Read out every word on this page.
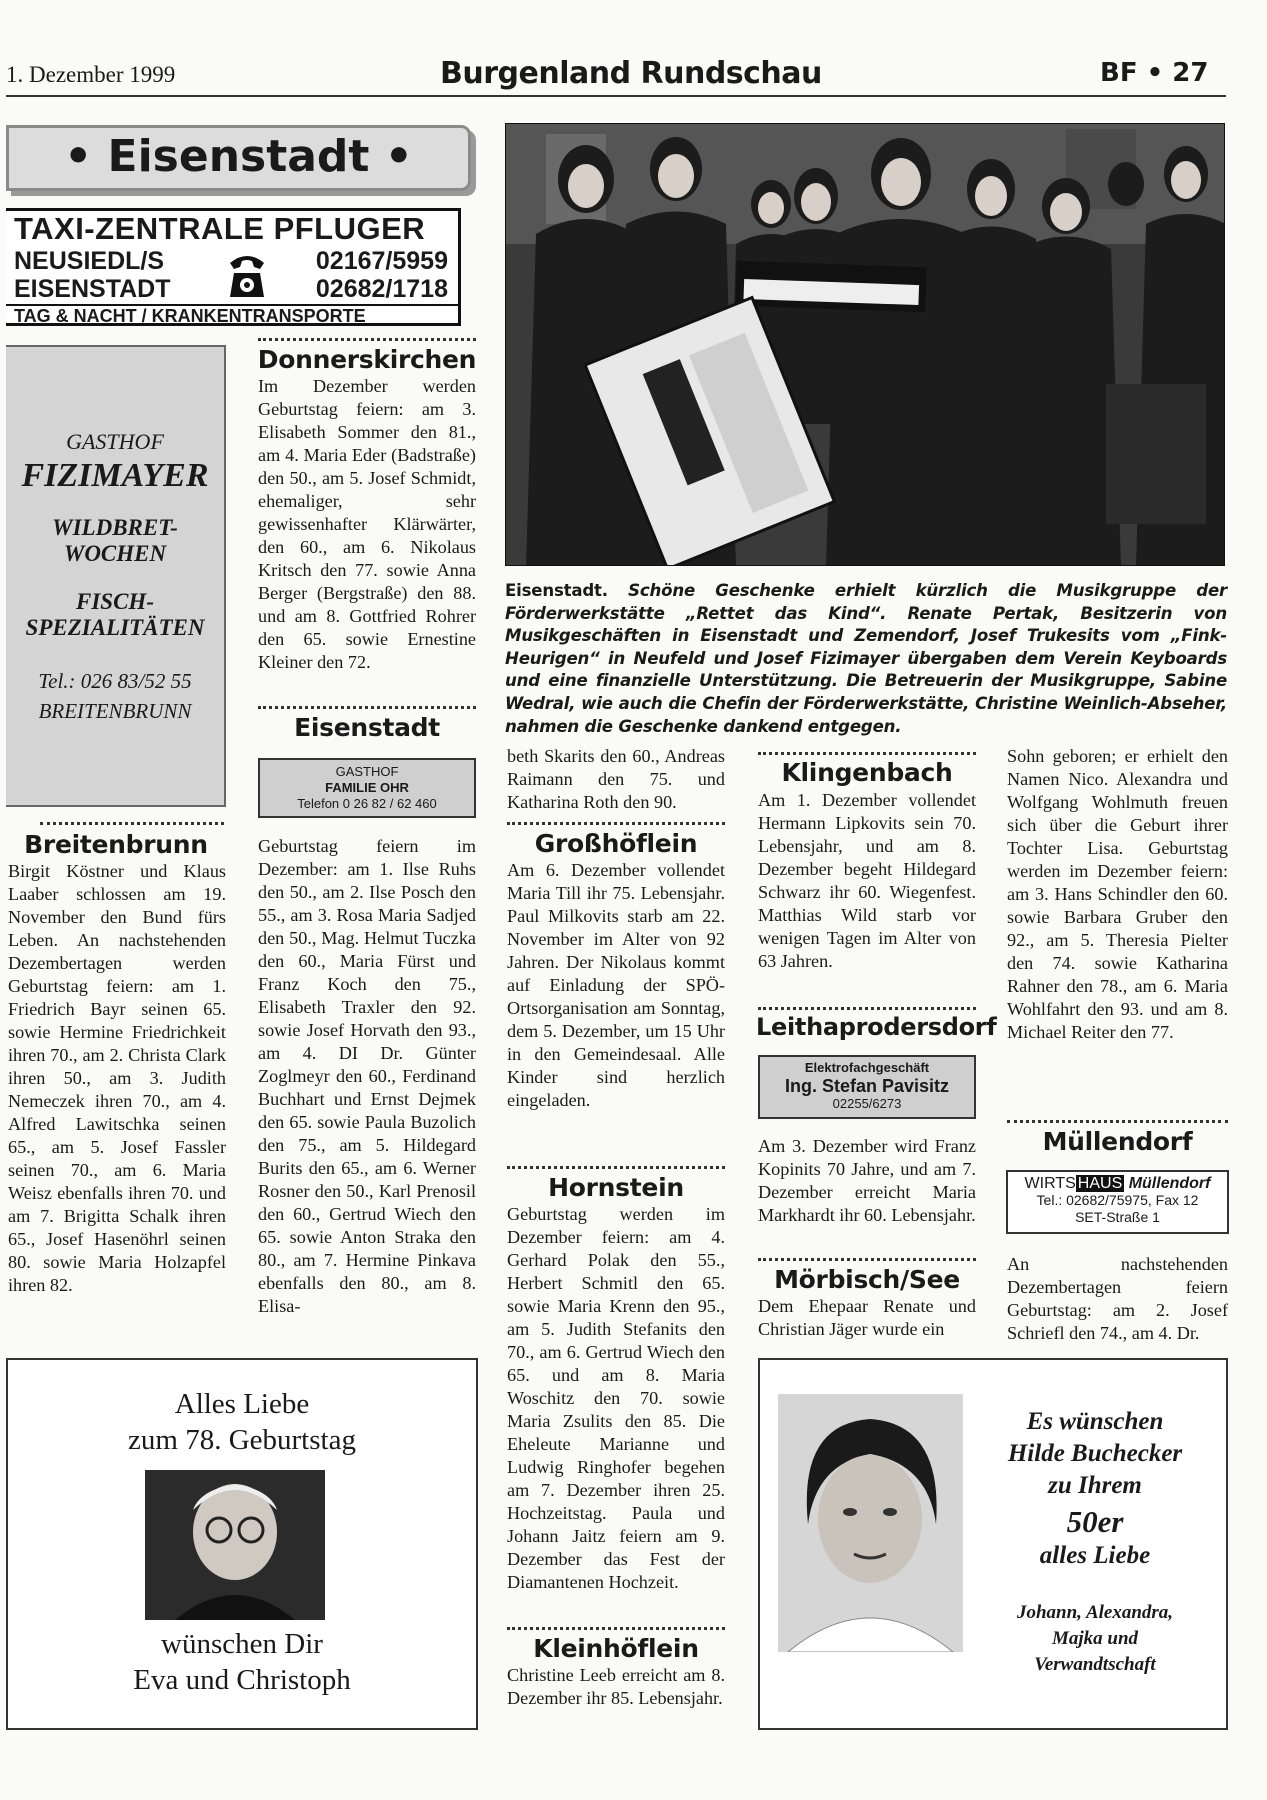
1. Dezember 1999	Burgenland Rundschau	BF • 27
• Eisenstadt •
TAXI-ZENTRALE PFLUGER
NEUSIEDL/S	02167/5959
EISENSTADT	02682/1718
TAG & NACHT / KRANKENTRANSPORTE
GASTHOF
FIZIMAYER
WILDBRET-
WOCHEN
FISCH-
SPEZIALITÄTEN
Tel.: 026 83/52 55
BREITENBRUNN
Breitenbrunn
Birgit Köstner und Klaus Laaber schlossen am 19. November den Bund fürs Leben. An nachstehenden Dezembertagen werden Geburtstag feiern: am 1. Friedrich Bayr seinen 65. sowie Hermine Friedrichkeit ihren 70., am 2. Christa Clark ihren 50., am 3. Judith Nemeczek ihren 70., am 4. Alfred Lawitschka seinen 65., am 5. Josef Fassler seinen 70., am 6. Maria Weisz ebenfalls ihren 70. und am 7. Brigitta Schalk ihren 65., Josef Hasenöhrl seinen 80. sowie Maria Holzapfel ihren 82.
Donnerskirchen
Im Dezember werden Geburtstag feiern: am 3. Elisabeth Sommer den 81., am 4. Maria Eder (Badstraße) den 50., am 5. Josef Schmidt, ehemaliger, sehr gewissenhafter Klärwärter, den 60., am 6. Nikolaus Kritsch den 77. sowie Anna Berger (Bergstraße) den 88. und am 8. Gottfried Rohrer den 65. sowie Ernestine Kleiner den 72.
Eisenstadt
GASTHOF
FAMILIE OHR
Telefon 0 26 82 / 62 460
Geburtstag feiern im Dezember: am 1. Ilse Ruhs den 50., am 2. Ilse Posch den 55., am 3. Rosa Maria Sadjed den 50., Mag. Helmut Tuczka den 60., Maria Fürst und Franz Koch den 75., Elisabeth Traxler den 92. sowie Josef Horvath den 93., am 4. DI Dr. Günter Zoglmeyr den 60., Ferdinand Buchhart und Ernst Dejmek den 65. sowie Paula Buzolich den 75., am 5. Hildegard Burits den 65., am 6. Werner Rosner den 50., Karl Prenosil den 60., Gertrud Wiech den 65. sowie Anton Straka den 80., am 7. Hermine Pinkava ebenfalls den 80., am 8. Elisa-
Eisenstadt. Schöne Geschenke erhielt kürzlich die Musikgruppe der Förderwerkstätte „Rettet das Kind“. Renate Pertak, Besitzerin von Musikgeschäften in Eisenstadt und Zemendorf, Josef Trukesits vom „Fink-Heurigen“ in Neufeld und Josef Fizimayer übergaben dem Verein Keyboards und eine finanzielle Unterstützung. Die Betreuerin der Musikgruppe, Sabine Wedral, wie auch die Chefin der Förderwerkstätte, Christine Weinlich-Abseher, nahmen die Geschenke dankend entgegen.
beth Skarits den 60., Andreas Raimann den 75. und Katharina Roth den 90.
Großhöflein
Am 6. Dezember vollendet Maria Till ihr 75. Lebensjahr. Paul Milkovits starb am 22. November im Alter von 92 Jahren. Der Nikolaus kommt auf Einladung der SPÖ-Ortsorganisation am Sonntag, dem 5. Dezember, um 15 Uhr in den Gemeindesaal. Alle Kinder sind herzlich eingeladen.
Hornstein
Geburtstag werden im Dezember feiern: am 4. Gerhard Polak den 55., Herbert Schmitl den 65. sowie Maria Krenn den 95., am 5. Judith Stefanits den 70., am 6. Gertrud Wiech den 65. und am 8. Maria Woschitz den 70. sowie Maria Zsulits den 85. Die Eheleute Marianne und Ludwig Ringhofer begehen am 7. Dezember ihren 25. Hochzeitstag. Paula und Johann Jaitz feiern am 9. Dezember das Fest der Diamantenen Hochzeit.
Kleinhöflein
Christine Leeb erreicht am 8. Dezember ihr 85. Lebensjahr.
Klingenbach
Am 1. Dezember vollendet Hermann Lipkovits sein 70. Lebensjahr, und am 8. Dezember begeht Hildegard Schwarz ihr 60. Wiegenfest. Matthias Wild starb vor wenigen Tagen im Alter von 63 Jahren.
Leithaprodersdorf
Elektrofachgeschäft
Ing. Stefan Pavisitz
02255/6273
Am 3. Dezember wird Franz Kopinits 70 Jahre, und am 7. Dezember erreicht Maria Markhardt ihr 60. Lebensjahr.
Mörbisch/See
Dem Ehepaar Renate und Christian Jäger wurde ein
Sohn geboren; er erhielt den Namen Nico. Alexandra und Wolfgang Wohlmuth freuen sich über die Geburt ihrer Tochter Lisa. Geburtstag werden im Dezember feiern: am 3. Hans Schindler den 60. sowie Barbara Gruber den 92., am 5. Theresia Pielter den 74. sowie Katharina Rahner den 78., am 6. Maria Wohlfahrt den 93. und am 8. Michael Reiter den 77.
Müllendorf
WIRTS HAUS Müllendorf
Tel.: 02682/75975, Fax 12
SET-Straße 1
An nachstehenden Dezembertagen feiern Geburtstag: am 2. Josef Schriefl den 74., am 4. Dr.
Alles Liebe
zum 78. Geburtstag
wünschen Dir
Eva und Christoph
Es wünschen
Hilde Buchecker
zu Ihrem
50er
alles Liebe
Johann, Alexandra,
Majka und
Verwandtschaft
